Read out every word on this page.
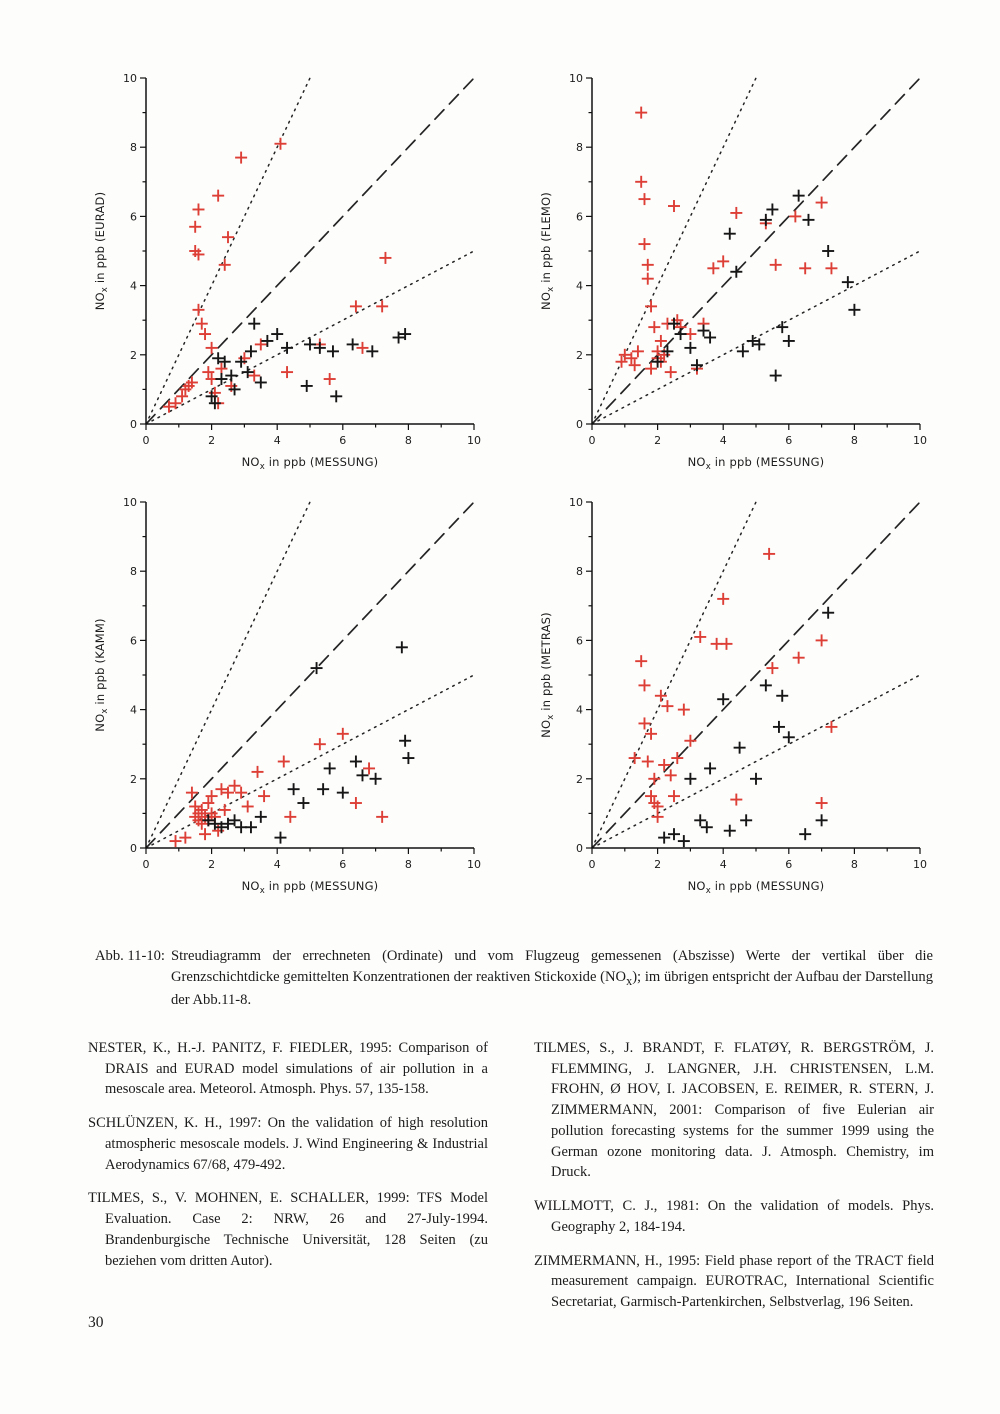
0	2	4	6	8	10
0
2
4
6
8
10
$NO_x$ in ppb (MESSUNG)
$NO_x$ in ppb (EURAD)
0	2	4	6	8	10
0
2
4
6
8
10
$NO_x$ in ppb (MESSUNG)
$NO_x$ in ppb (FLEMO)
0	2	4	6	8	10
0
2
4
6
8
10
$NO_x$ in ppb (MESSUNG)
$NO_x$ in ppb (KAMM)
0	2	4	6	8	10
0
2
4
6
8
10
$NO_x$ in ppb (MESSUNG)
$NO_x$ in ppb (METRAS)
Abb. 11-10: Streudiagramm der errechneten (Ordinate) und vom Flugzeug gemessenen (Abszisse) Werte der vertikal über die Grenzschichtdicke gemittelten Konzentrationen der reaktiven Stickoxide $(NO_x)$; im übrigen entspricht der Aufbau der Darstellung der Abb.11-8.

NESTER, K., H.-J. PANITZ, F. FIEDLER, 1995: Comparison of DRAIS and EURAD model simulations of air pollution in a mesoscale area. Meteorol. Atmosph. Phys. 57, 135-158.

SCHLÜNZEN, K. H., 1997: On the validation of high resolution atmospheric mesoscale models. J. Wind Engineering & Industrial Aerodynamics 67/68, 479-492.

TILMES, S., V. MOHNEN, E. SCHALLER, 1999: TFS Model Evaluation. Case 2: NRW, 26 and 27-July-1994. Brandenburgische Technische Universität, 128 Seiten (zu beziehen vom dritten Autor).

TILMES, S., J. BRANDT, F. FLATØY, R. BERGSTRÖM, J. FLEMMING, J. LANGNER, J.H. CHRISTENSEN, L.M. FROHN, Ø HOV, I. JACOBSEN, E. REIMER, R. STERN, J. ZIMMERMANN, 2001: Comparison of five Eulerian air pollution forecasting systems for the summer 1999 using the German ozone monitoring data. J. Atmosph. Chemistry, im Druck.

WILLMOTT, C. J., 1981: On the validation of models. Phys. Geography 2, 184-194.

ZIMMERMANN, H., 1995: Field phase report of the TRACT field measurement campaign. EUROTRAC, International Scientific Secretariat, Garmisch-Partenkirchen, Selbstverlag, 196 Seiten.

30
